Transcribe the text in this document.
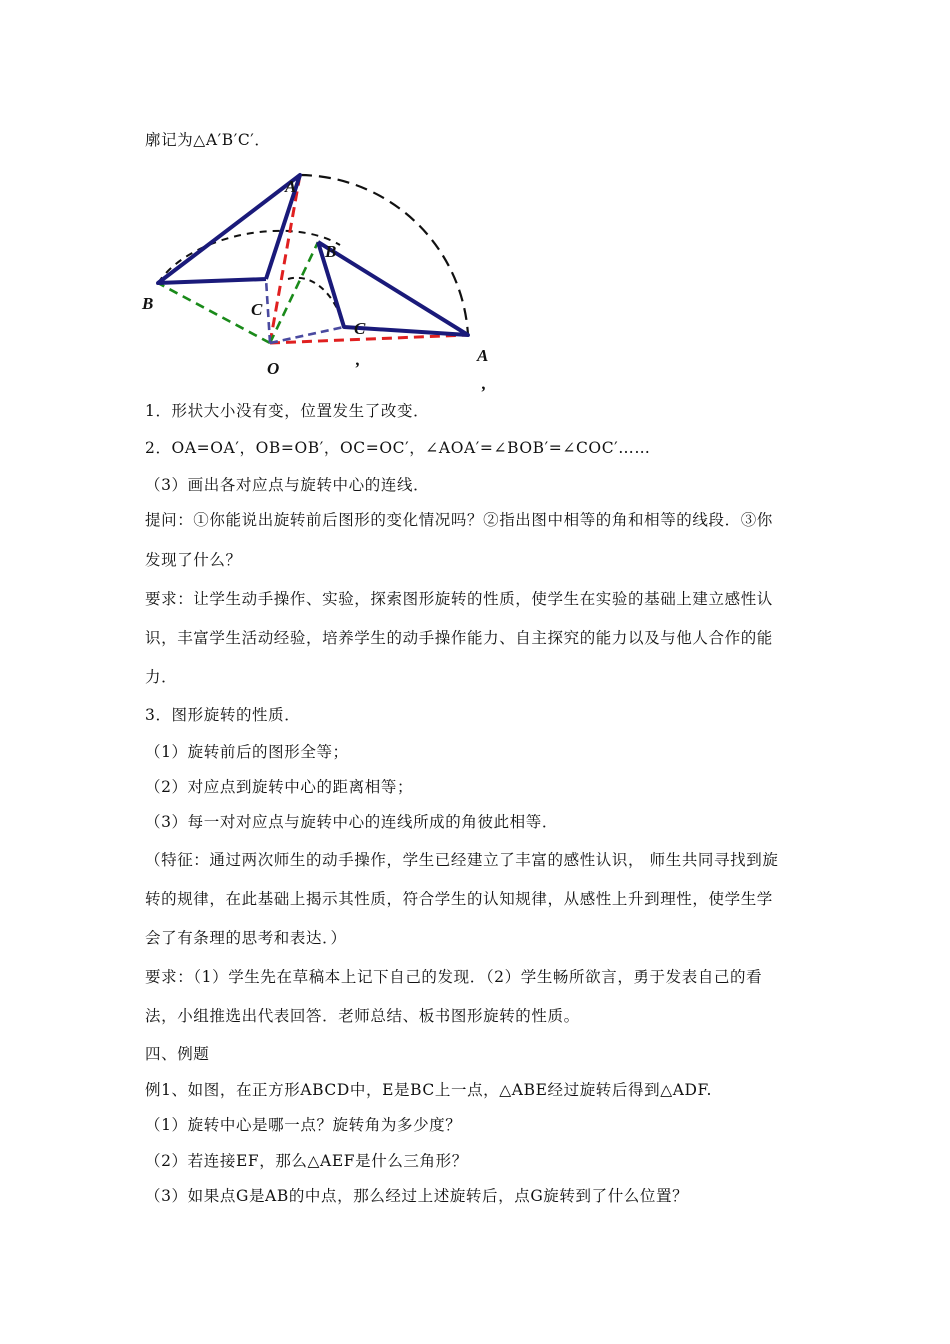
A
B	C
O
B
C
,	A
,
廓记为△A′B′C′．
1．形状大小没有变，位置发生了改变．
2．OA=OA′，OB=OB′，OC=OC′，∠AOA′=∠BOB′=∠COC′……
（3）画出各对应点与旋转中心的连线．
提问：①你能说出旋转前后图形的变化情况吗？②指出图中相等的角和相等的线段．③你
发现了什么？
要求：让学生动手操作、实验，探索图形旋转的性质，使学生在实验的基础上建立感性认
识，丰富学生活动经验，培养学生的动手操作能力、自主探究的能力以及与他人合作的能
力．
3．图形旋转的性质．
（1）旋转前后的图形全等；
（2）对应点到旋转中心的距离相等；
（3）每一对对应点与旋转中心的连线所成的角彼此相等．
（特征：通过两次师生的动手操作，学生已经建立了丰富的感性认识， 师生共同寻找到旋
转的规律，在此基础上揭示其性质，符合学生的认知规律，从感性上升到理性，使学生学
会了有条理的思考和表达．）
要求：（1）学生先在草稿本上记下自己的发现．（2）学生畅所欲言，勇于发表自己的看
法，小组推选出代表回答．老师总结、板书图形旋转的性质。
四、例题
例1、如图，在正方形ABCD中，E是BC上一点，△ABE经过旋转后得到△ADF.
（1）旋转中心是哪一点？旋转角为多少度？
（2）若连接EF，那么△AEF是什么三角形？
（3）如果点G是AB的中点，那么经过上述旋转后，点G旋转到了什么位置？
